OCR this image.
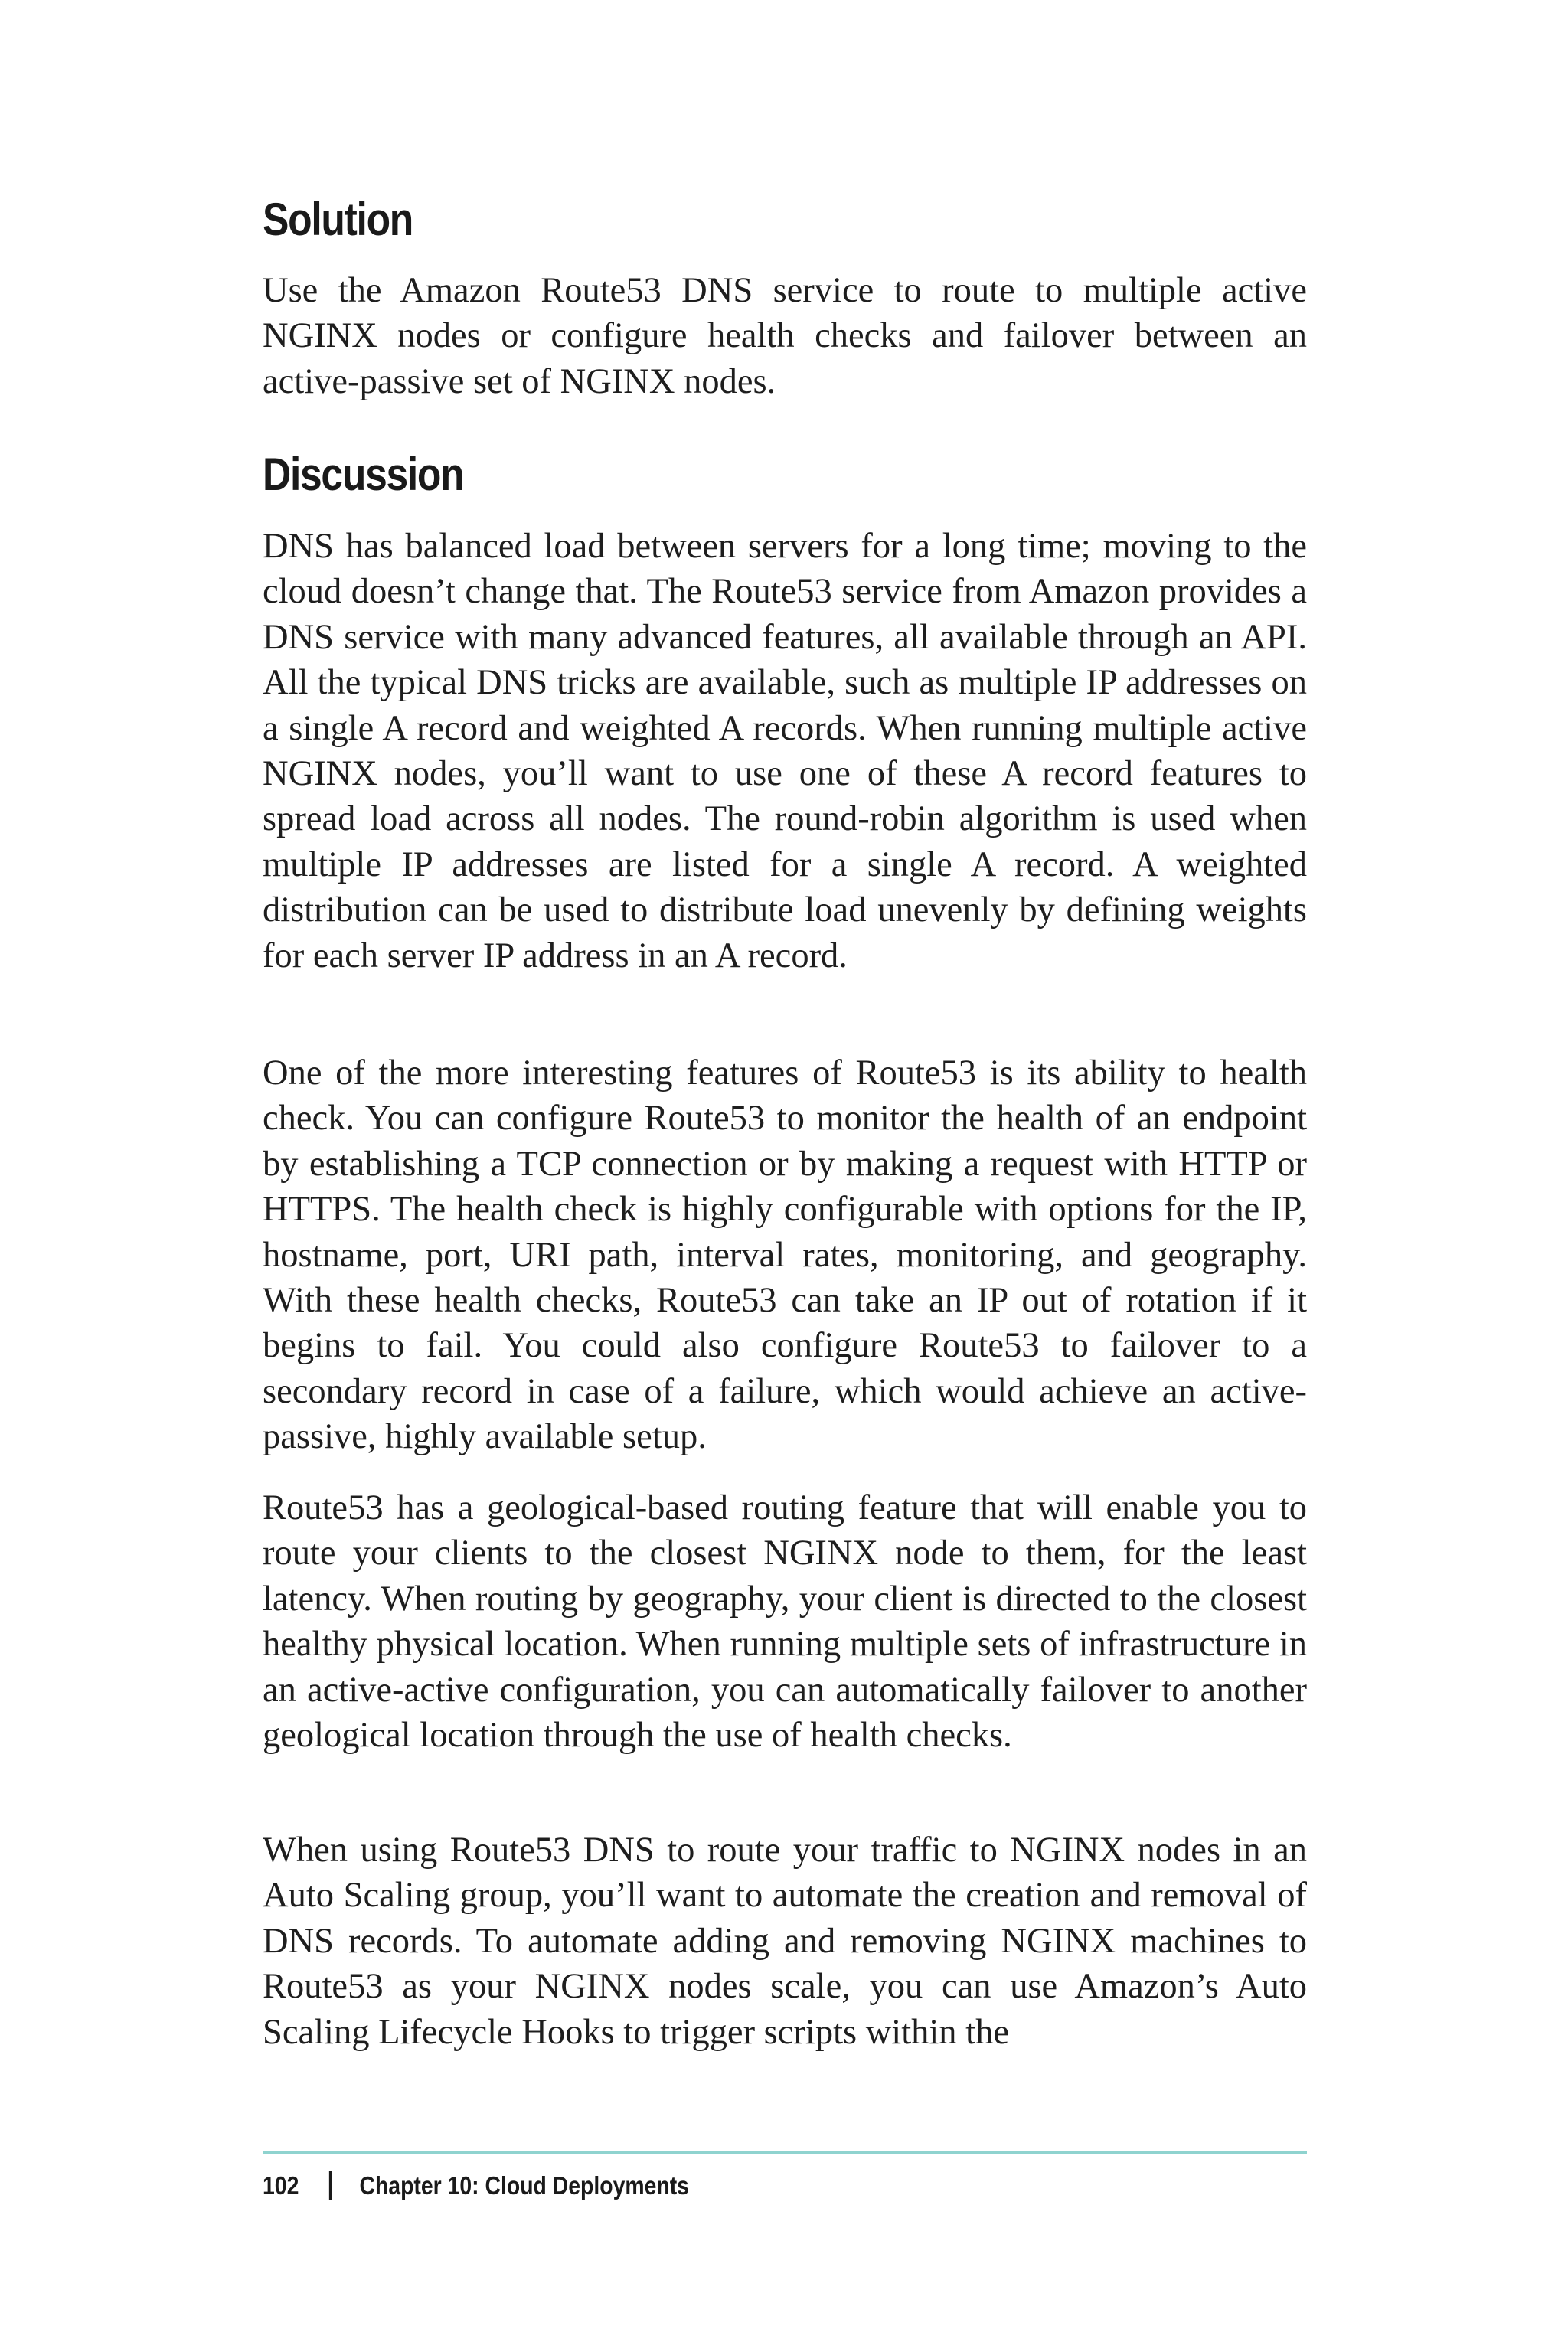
Solution

Use the Amazon Route53 DNS service to route to multiple active NGINX nodes or configure health checks and failover between an active-passive set of NGINX nodes.

Discussion

DNS has balanced load between servers for a long time; moving to the cloud doesn’t change that. The Route53 service from Amazon provides a DNS service with many advanced features, all available through an API. All the typical DNS tricks are available, such as multiple IP addresses on a single A record and weighted A records. When running multiple active NGINX nodes, you’ll want to use one of these A record features to spread load across all nodes. The round-robin algorithm is used when multiple IP addresses are listed for a single A record. A weighted distribution can be used to distribute load unevenly by defining weights for each server IP address in an A record.

One of the more interesting features of Route53 is its ability to health check. You can configure Route53 to monitor the health of an endpoint by establishing a TCP connection or by making a request with HTTP or HTTPS. The health check is highly configurable with options for the IP, hostname, port, URI path, interval rates, monitoring, and geography. With these health checks, Route53 can take an IP out of rotation if it begins to fail. You could also configure Route53 to failover to a secondary record in case of a failure, which would achieve an active-passive, highly available setup.

Route53 has a geological-based routing feature that will enable you to route your clients to the closest NGINX node to them, for the least latency. When routing by geography, your client is directed to the closest healthy physical location. When running multiple sets of infrastructure in an active-active configuration, you can automatically failover to another geological location through the use of health checks.

When using Route53 DNS to route your traffic to NGINX nodes in an Auto Scaling group, you’ll want to automate the creation and removal of DNS records. To automate adding and removing NGINX machines to Route53 as your NGINX nodes scale, you can use Amazon’s Auto Scaling Lifecycle Hooks to trigger scripts within the

102 Chapter 10: Cloud Deployments
